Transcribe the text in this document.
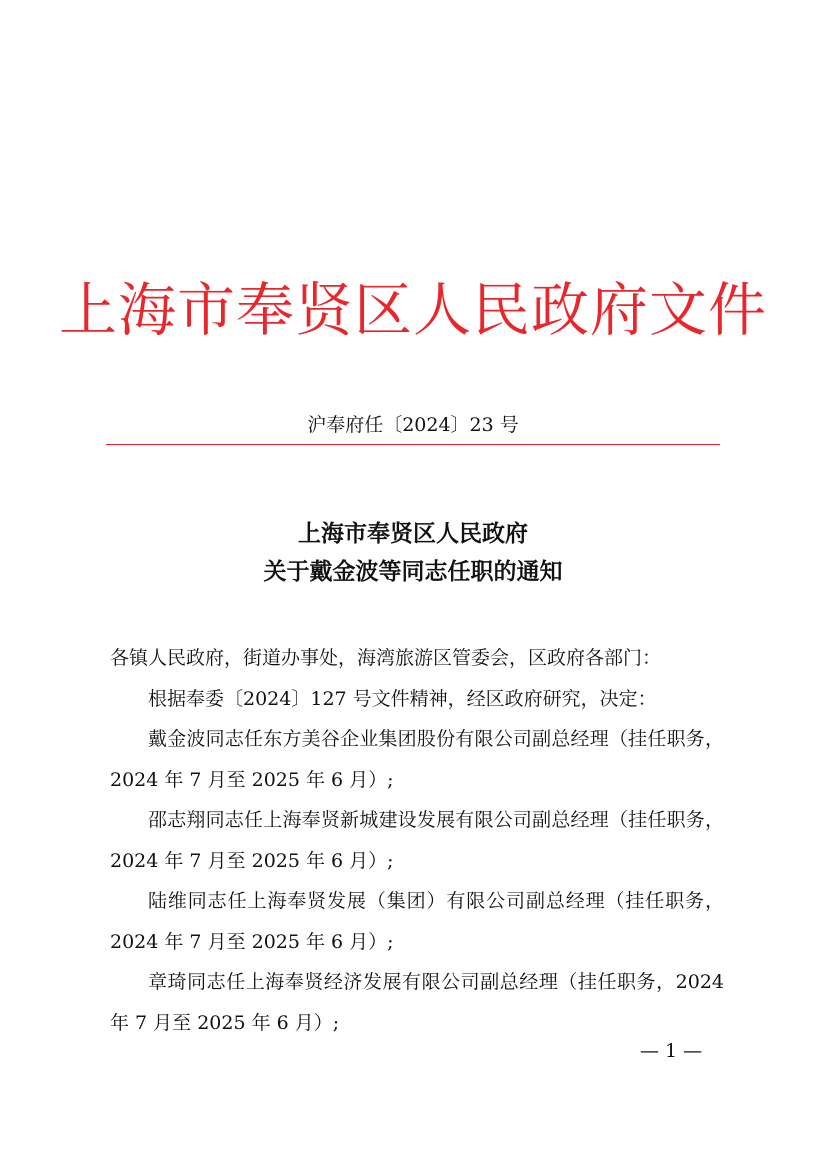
上海市奉贤区人民政府文件
沪奉府任〔2024〕23 号
上海市奉贤区人民政府
关于戴金波等同志任职的通知

各镇人民政府，街道办事处，海湾旅游区管委会，区政府各部门：

根据奉委〔2024〕127 号文件精神，经区政府研究，决定：

戴金波同志任东方美谷企业集团股份有限公司副总经理（挂任职务，2024 年 7 月至 2025 年 6 月）;

邵志翔同志任上海奉贤新城建设发展有限公司副总经理（挂任职务，2024 年 7 月至 2025 年 6 月）;

陆维同志任上海奉贤发展（集团）有限公司副总经理（挂任职务，2024 年 7 月至 2025 年 6 月）;

章琦同志任上海奉贤经济发展有限公司副总经理（挂任职务，2024 年 7 月至 2025 年 6 月）;

— 1 —
